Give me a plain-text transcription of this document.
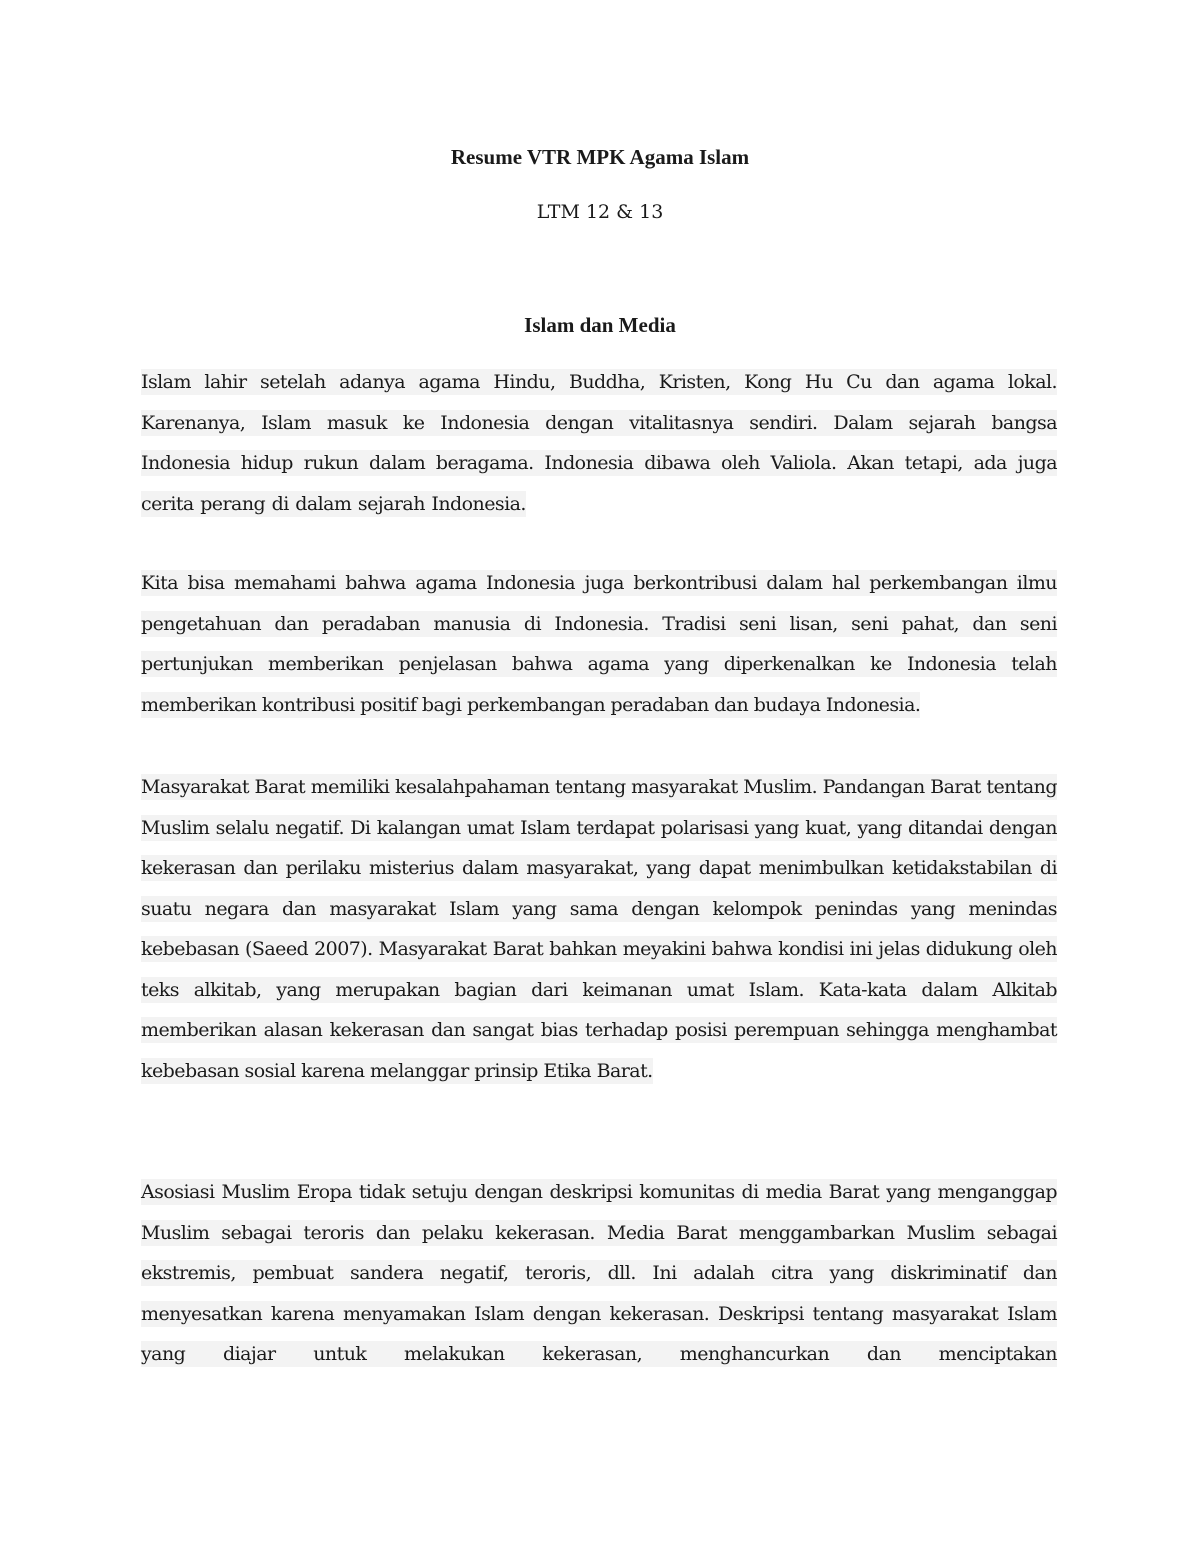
Resume VTR MPK Agama Islam

LTM 12 & 13

Islam dan Media

Islam lahir setelah adanya agama Hindu, Buddha, Kristen, Kong Hu Cu dan agama lokal. Karenanya, Islam masuk ke Indonesia dengan vitalitasnya sendiri. Dalam sejarah bangsa Indonesia hidup rukun dalam beragama. Indonesia dibawa oleh Valiola. Akan tetapi, ada juga cerita perang di dalam sejarah Indonesia.

Kita bisa memahami bahwa agama Indonesia juga berkontribusi dalam hal perkembangan ilmu pengetahuan dan peradaban manusia di Indonesia. Tradisi seni lisan, seni pahat, dan seni pertunjukan memberikan penjelasan bahwa agama yang diperkenalkan ke Indonesia telah memberikan kontribusi positif bagi perkembangan peradaban dan budaya Indonesia.

Masyarakat Barat memiliki kesalahpahaman tentang masyarakat Muslim. Pandangan Barat tentang Muslim selalu negatif. Di kalangan umat Islam terdapat polarisasi yang kuat, yang ditandai dengan kekerasan dan perilaku misterius dalam masyarakat, yang dapat menimbulkan ketidakstabilan di suatu negara dan masyarakat Islam yang sama dengan kelompok penindas yang menindas kebebasan (Saeed 2007). Masyarakat Barat bahkan meyakini bahwa kondisi ini jelas didukung oleh teks alkitab, yang merupakan bagian dari keimanan umat Islam. Kata-kata dalam Alkitab memberikan alasan kekerasan dan sangat bias terhadap posisi perempuan sehingga menghambat kebebasan sosial karena melanggar prinsip Etika Barat.

Asosiasi Muslim Eropa tidak setuju dengan deskripsi komunitas di media Barat yang menganggap Muslim sebagai teroris dan pelaku kekerasan. Media Barat menggambarkan Muslim sebagai ekstremis, pembuat sandera negatif, teroris, dll. Ini adalah citra yang diskriminatif dan menyesatkan karena menyamakan Islam dengan kekerasan. Deskripsi tentang masyarakat Islam yang diajar untuk melakukan kekerasan, menghancurkan dan menciptakan
